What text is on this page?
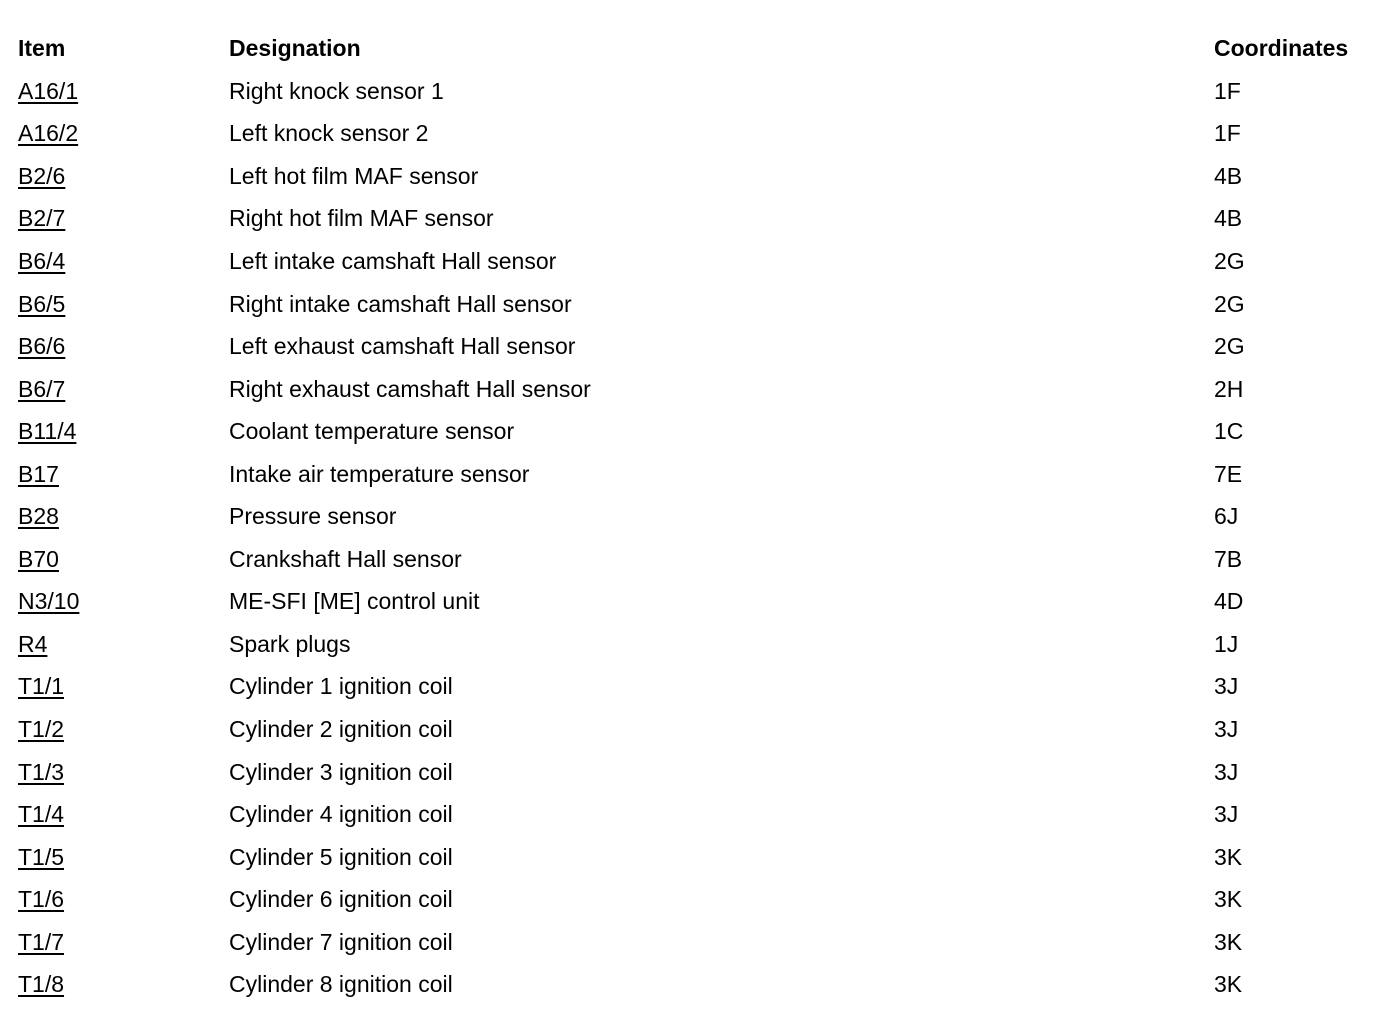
Item	Designation	Coordinates
A16/1	Right knock sensor 1	1F
A16/2	Left knock sensor 2	1F
B2/6	Left hot film MAF sensor	4B
B2/7	Right hot film MAF sensor	4B
B6/4	Left intake camshaft Hall sensor	2G
B6/5	Right intake camshaft Hall sensor	2G
B6/6	Left exhaust camshaft Hall sensor	2G
B6/7	Right exhaust camshaft Hall sensor	2H
B11/4	Coolant temperature sensor	1C
B17	Intake air temperature sensor	7E
B28	Pressure sensor	6J
B70	Crankshaft Hall sensor	7B
N3/10	ME-SFI [ME] control unit	4D
R4	Spark plugs	1J
T1/1	Cylinder 1 ignition coil	3J
T1/2	Cylinder 2 ignition coil	3J
T1/3	Cylinder 3 ignition coil	3J
T1/4	Cylinder 4 ignition coil	3J
T1/5	Cylinder 5 ignition coil	3K
T1/6	Cylinder 6 ignition coil	3K
T1/7	Cylinder 7 ignition coil	3K
T1/8	Cylinder 8 ignition coil	3K
